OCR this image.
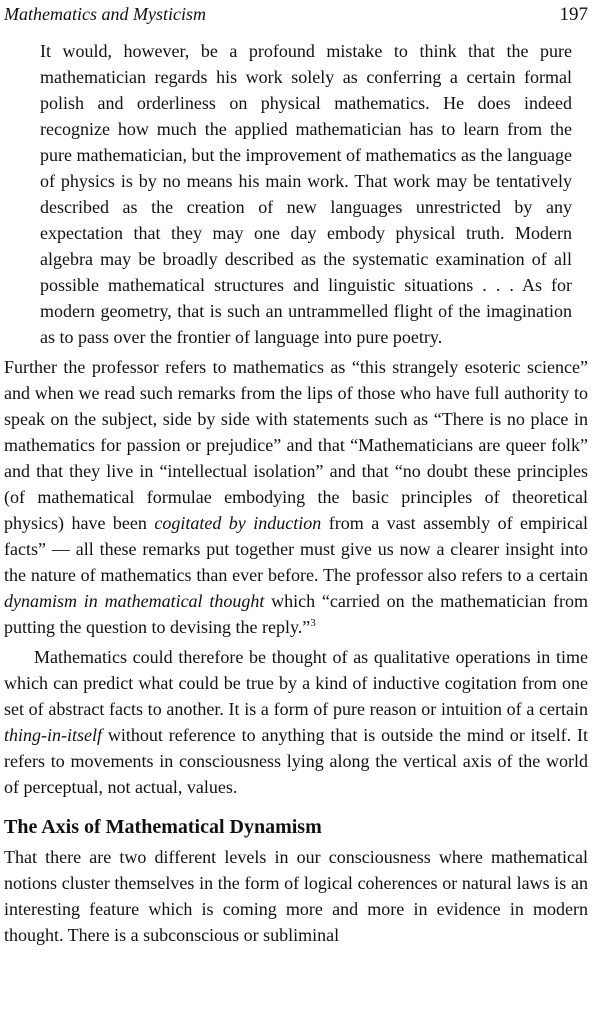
Mathematics and Mysticism	197
It would, however, be a profound mistake to think that the pure mathematician regards his work solely as conferring a certain formal polish and orderliness on physical mathematics. He does indeed recognize how much the applied mathematician has to learn from the pure mathematician, but the improvement of mathematics as the language of physics is by no means his main work. That work may be tentatively described as the creation of new languages unrestricted by any expectation that they may one day embody physical truth. Modern algebra may be broadly described as the systematic examination of all possible mathematical structures and linguistic situations . . . As for modern geometry, that is such an untrammelled flight of the imagination as to pass over the frontier of language into pure poetry.
Further the professor refers to mathematics as “this strangely esoteric science” and when we read such remarks from the lips of those who have full authority to speak on the subject, side by side with statements such as “There is no place in mathematics for passion or prejudice” and that “Mathematicians are queer folk” and that they live in “intellectual isolation” and that “no doubt these principles (of mathematical formulae embodying the basic principles of theoretical physics) have been cogitated by induction from a vast assembly of empirical facts” — all these remarks put together must give us now a clearer insight into the nature of mathematics than ever before. The professor also refers to a certain dynamism in mathematical thought which “carried on the mathematician from putting the question to devising the reply.”$^3$
Mathematics could therefore be thought of as qualitative operations in time which can predict what could be true by a kind of inductive cogitation from one set of abstract facts to another. It is a form of pure reason or intuition of a certain thing-in-itself without reference to anything that is outside the mind or itself. It refers to movements in consciousness lying along the vertical axis of the world of perceptual, not actual, values.
The Axis of Mathematical Dynamism
That there are two different levels in our consciousness where mathematical notions cluster themselves in the form of logical coherences or natural laws is an interesting feature which is coming more and more in evidence in modern thought. There is a subconscious or subliminal
